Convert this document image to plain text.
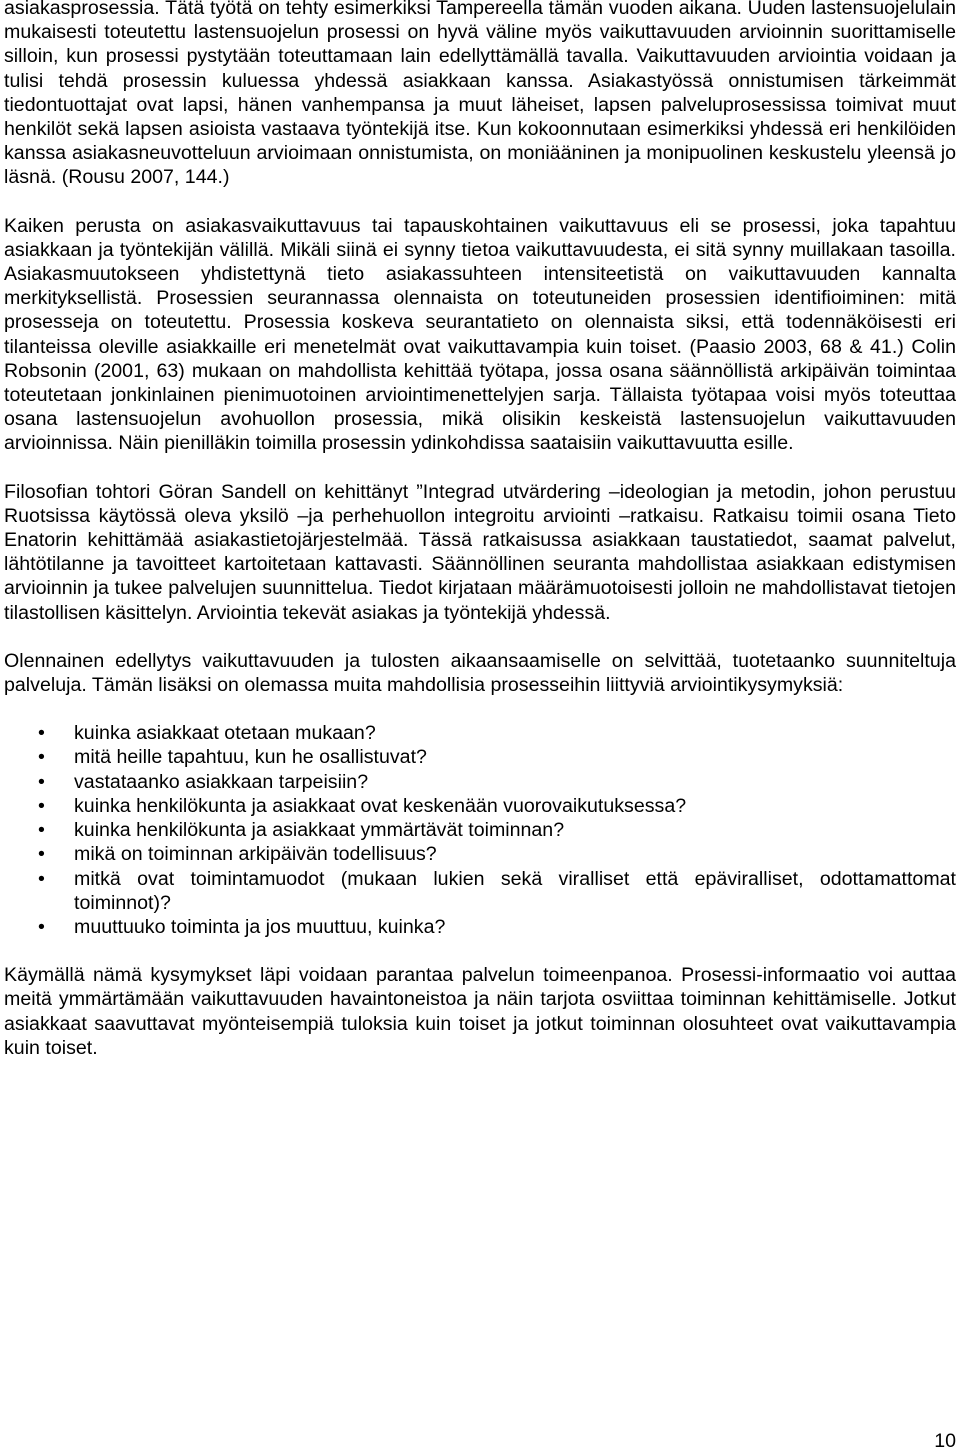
asiakasprosessia. Tätä työtä on tehty esimerkiksi Tampereella tämän vuoden aikana. Uuden lastensuojelulain mukaisesti toteutettu lastensuojelun prosessi on hyvä väline myös vaikuttavuuden arvioinnin suorittamiselle silloin, kun prosessi pystytään toteuttamaan lain edellyttämällä tavalla. Vaikuttavuuden arviointia voidaan ja tulisi tehdä prosessin kuluessa yhdessä asiakkaan kanssa. Asiakastyössä onnistumisen tärkeimmät tiedontuottajat ovat lapsi, hänen vanhempansa ja muut läheiset, lapsen palveluprosessissa toimivat muut henkilöt sekä lapsen asioista vastaava työntekijä itse. Kun kokoonnutaan esimerkiksi yhdessä eri henkilöiden kanssa asiakasneuvotteluun arvioimaan onnistumista, on moniääninen ja monipuolinen keskustelu yleensä jo läsnä. (Rousu 2007, 144.)

Kaiken perusta on asiakasvaikuttavuus tai tapauskohtainen vaikuttavuus eli se prosessi, joka tapahtuu asiakkaan ja työntekijän välillä. Mikäli siinä ei synny tietoa vaikuttavuudesta, ei sitä synny muillakaan tasoilla. Asiakasmuutokseen yhdistettynä tieto asiakassuhteen intensiteetistä on vaikuttavuuden kannalta merkityksellistä. Prosessien seurannassa olennaista on toteutuneiden prosessien identifioiminen: mitä prosesseja on toteutettu. Prosessia koskeva seurantatieto on olennaista siksi, että todennäköisesti eri tilanteissa oleville asiakkaille eri menetelmät ovat vaikuttavampia kuin toiset. (Paasio 2003, 68 & 41.) Colin Robsonin (2001, 63) mukaan on mahdollista kehittää työtapa, jossa osana säännöllistä arkipäivän toimintaa toteutetaan jonkinlainen pienimuotoinen arviointimenettelyjen sarja. Tällaista työtapaa voisi myös toteuttaa osana lastensuojelun avohuollon prosessia, mikä olisikin keskeistä lastensuojelun vaikuttavuuden arvioinnissa. Näin pienilläkin toimilla prosessin ydinkohdissa saataisiin vaikuttavuutta esille.

Filosofian tohtori Göran Sandell on kehittänyt ”Integrad utvärdering –ideologian ja metodin, johon perustuu Ruotsissa käytössä oleva yksilö –ja perhehuollon integroitu arviointi –ratkaisu. Ratkaisu toimii osana Tieto Enatorin kehittämää asiakastietojärjestelmää. Tässä ratkaisussa asiakkaan taustatiedot, saamat palvelut, lähtötilanne ja tavoitteet kartoitetaan kattavasti. Säännöllinen seuranta mahdollistaa asiakkaan edistymisen arvioinnin ja tukee palvelujen suunnittelua. Tiedot kirjataan määrämuotoisesti jolloin ne mahdollistavat tietojen tilastollisen käsittelyn. Arviointia tekevät asiakas ja työntekijä yhdessä.

Olennainen edellytys vaikuttavuuden ja tulosten aikaansaamiselle on selvittää, tuotetaanko suunniteltuja palveluja. Tämän lisäksi on olemassa muita mahdollisia prosesseihin liittyviä arviointikysymyksiä:

• kuinka asiakkaat otetaan mukaan?
• mitä heille tapahtuu, kun he osallistuvat?
• vastataanko asiakkaan tarpeisiin?
• kuinka henkilökunta ja asiakkaat ovat keskenään vuorovaikutuksessa?
• kuinka henkilökunta ja asiakkaat ymmärtävät toiminnan?
• mikä on toiminnan arkipäivän todellisuus?
• mitkä ovat toimintamuodot (mukaan lukien sekä viralliset että epäviralliset, odottamattomat toiminnot)?
• muuttuuko toiminta ja jos muuttuu, kuinka?

Käymällä nämä kysymykset läpi voidaan parantaa palvelun toimeenpanoa. Prosessi-informaatio voi auttaa meitä ymmärtämään vaikuttavuuden havaintoneistoa ja näin tarjota osviittaa toiminnan kehittämiselle. Jotkut asiakkaat saavuttavat myönteisempiä tuloksia kuin toiset ja jotkut toiminnan olosuhteet ovat vaikuttavampia kuin toiset.

10
